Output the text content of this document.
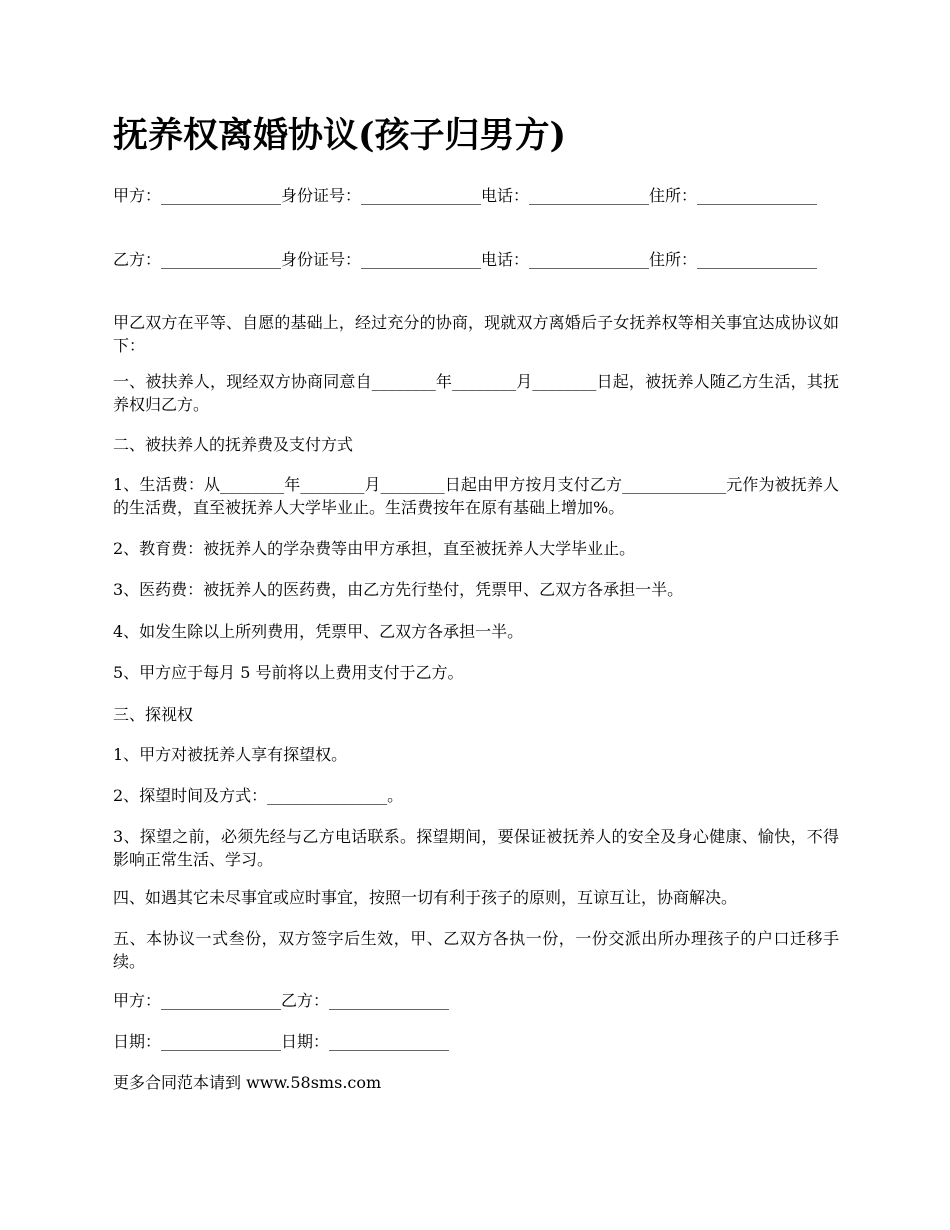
抚养权离婚协议(孩子归男方)

甲方：_______________身份证号：_______________电话：_______________住所：_______________

乙方：_______________身份证号：_______________电话：_______________住所：_______________

甲乙双方在平等、自愿的基础上，经过充分的协商，现就双方离婚后子女抚养权等相关事宜达成协议如下：

一、被扶养人，现经双方协商同意自________年________月________日起，被抚养人随乙方生活，其抚养权归乙方。

二、被扶养人的抚养费及支付方式

1、生活费：从________年________月________日起由甲方按月支付乙方_____________元作为被抚养人的生活费，直至被抚养人大学毕业止。生活费按年在原有基础上增加%。

2、教育费：被抚养人的学杂费等由甲方承担，直至被抚养人大学毕业止。

3、医药费：被抚养人的医药费，由乙方先行垫付，凭票甲、乙双方各承担一半。

4、如发生除以上所列费用，凭票甲、乙双方各承担一半。

5、甲方应于每月 5 号前将以上费用支付于乙方。

三、探视权

1、甲方对被抚养人享有探望权。

2、探望时间及方式：_______________。

3、探望之前，必须先经与乙方电话联系。探望期间，要保证被抚养人的安全及身心健康、愉快，不得影响正常生活、学习。

四、如遇其它未尽事宜或应时事宜，按照一切有利于孩子的原则，互谅互让，协商解决。

五、本协议一式叁份，双方签字后生效，甲、乙双方各执一份，一份交派出所办理孩子的户口迁移手续。

甲方：_______________乙方：_______________

日期：_______________日期：_______________

更多合同范本请到 www.58sms.com
